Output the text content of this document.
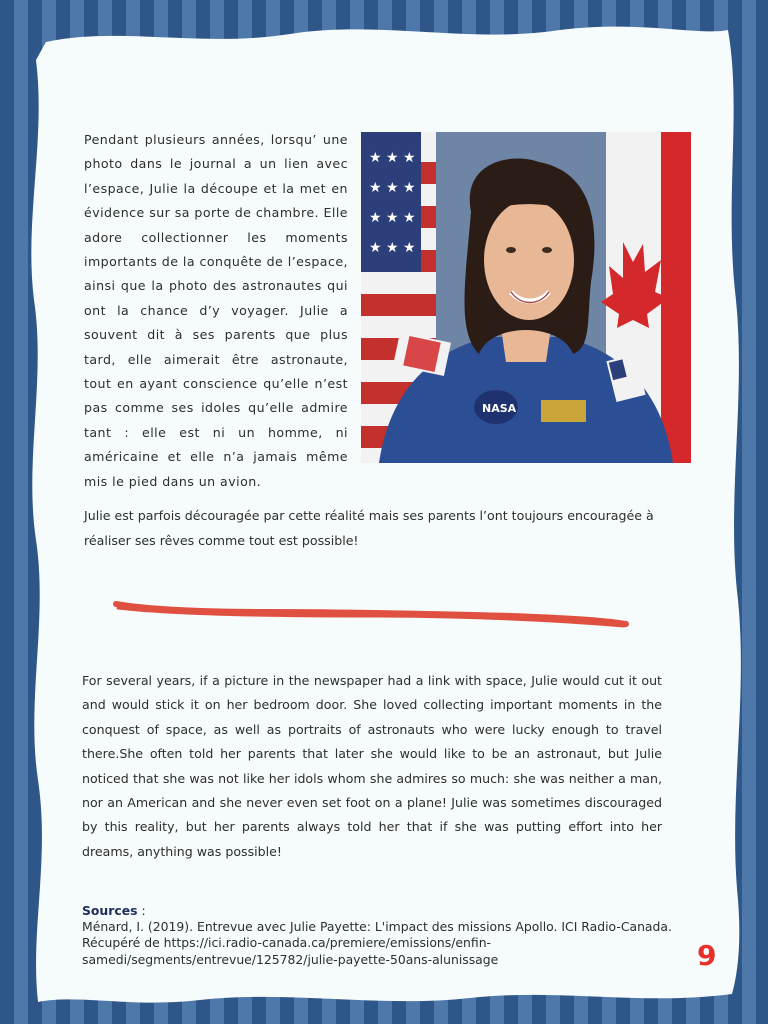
Pendant plusieurs années, lorsqu’ une photo dans le journal a un lien avec l’espace, Julie la découpe et la met en évidence sur sa porte de chambre. Elle adore collectionner les moments importants de la conquête de l’espace, ainsi que la photo des astronautes qui ont la chance d’y voyager. Julie a souvent dit à ses parents que plus tard, elle aimerait être astronaute, tout en ayant conscience qu’elle n’est pas comme ses idoles qu’elle admire tant : elle est ni un homme, ni américaine et elle n’a jamais même mis le pied dans un avion.

★ ★ ★
★ ★ ★
★ ★ ★
★ ★ ★
NASA

Julie est parfois découragée par cette réalité mais ses parents l’ont toujours encouragée à réaliser ses rêves comme tout est possible!

For several years, if a picture in the newspaper had a link with space, Julie would cut it out and would stick it on her bedroom door. She loved collecting important moments in the conquest of space, as well as portraits of astronauts who were lucky enough to travel there.She often told her parents that later she would like to be an astronaut, but Julie noticed that she was not like her idols whom she admires so much: she was neither a man, nor an American and she never even set foot on a plane! Julie was sometimes discouraged by this reality, but her parents always told her that if she was putting effort into her dreams, anything was possible!

Sources :
Ménard, I. (2019). Entrevue avec Julie Payette: L'impact des missions Apollo. ICI Radio-Canada. Récupéré de https://ici.radio-canada.ca/premiere/emissions/enfin-samedi/segments/entrevue/125782/julie-payette-50ans-alunissage	9
